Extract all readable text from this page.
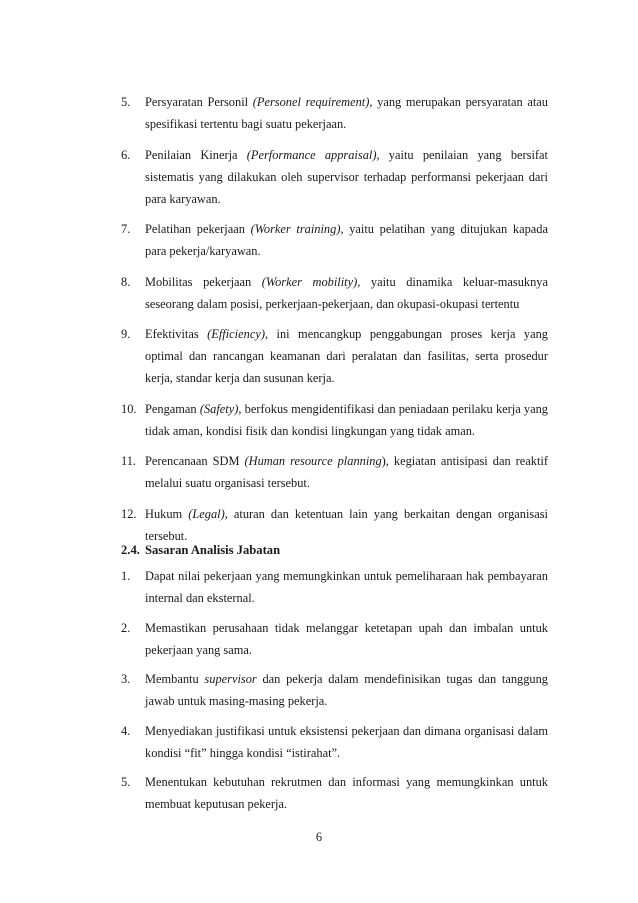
5. Persyaratan Personil (Personel requirement), yang merupakan persyaratan atau spesifikasi tertentu bagi suatu pekerjaan.

6. Penilaian Kinerja (Performance appraisal), yaitu penilaian yang bersifat sistematis yang dilakukan oleh supervisor terhadap performansi pekerjaan dari para karyawan.

7. Pelatihan pekerjaan (Worker training), yaitu pelatihan yang ditujukan kapada para pekerja/karyawan.

8. Mobilitas pekerjaan (Worker mobility), yaitu dinamika keluar-masuknya seseorang dalam posisi, perkerjaan-pekerjaan, dan okupasi-okupasi tertentu

9. Efektivitas (Efficiency), ini mencangkup penggabungan proses kerja yang optimal dan rancangan keamanan dari peralatan dan fasilitas, serta prosedur kerja, standar kerja dan susunan kerja.

10. Pengaman (Safety), berfokus mengidentifikasi dan peniadaan perilaku kerja yang tidak aman, kondisi fisik dan kondisi lingkungan yang tidak aman.

11. Perencanaan SDM (Human resource planning), kegiatan antisipasi dan reaktif melalui suatu organisasi tersebut.

12. Hukum (Legal), aturan dan ketentuan lain yang berkaitan dengan organisasi tersebut.

2.4. Sasaran Analisis Jabatan
1. Dapat nilai pekerjaan yang memungkinkan untuk pemeliharaan hak pembayaran internal dan eksternal.

2. Memastikan perusahaan tidak melanggar ketetapan upah dan imbalan untuk pekerjaan yang sama.

3. Membantu supervisor dan pekerja dalam mendefinisikan tugas dan tanggung jawab untuk masing-masing pekerja.

4. Menyediakan justifikasi untuk eksistensi pekerjaan dan dimana organisasi dalam kondisi “fit” hingga kondisi “istirahat”.

5. Menentukan kebutuhan rekrutmen dan informasi yang memungkinkan untuk membuat keputusan pekerja.

6
